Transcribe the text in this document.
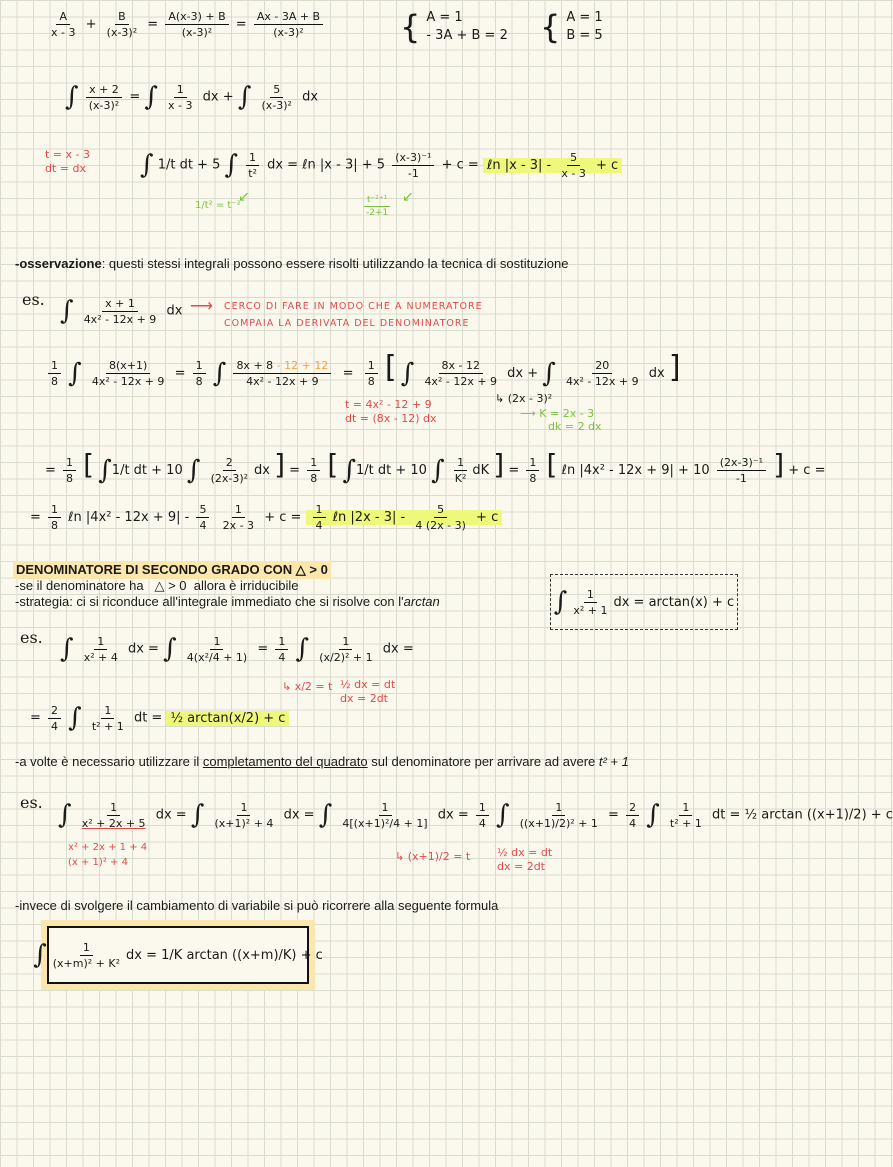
$\frac{A}{x - 3} + \frac{B}{\text{(x-3)²}} = \frac{A(x-3) + B}{\text{(x-3)²}} = \frac{Ax - 3A + B}{\text{(x-3)²}}$ { A = 1
- 3A + B = 2 { A = 1
B = 5
∫ $\frac{x + 2}{\text{(x-3)²}}$ = ∫ $\frac{1}{x - 3}$ dx + ∫ $\frac{5}{\text{(x-3)²}}$ dx
t = x - 3
dt = dx ∫ 1/t dt + 5 ∫ $\frac{1}{\text{t²}}$ dx = ℓn $|x - 3| + 5 \frac{\text{(x-3)⁻¹}}{-1} + c$ = ℓn $|x - 3| - \frac{5}{x - 3} + c$
1/t² = t⁻²	$\frac{\text{t⁻²⁺¹}}{-2+1}$
↙	↙
-osservazione: questi stessi integrali possono essere risolti utilizzando la tecnica di sostituzione
es. ∫ $\frac{x + 1}{\text{4x² - 12x + 9}}$ dx ⟶ CERCO DI FARE IN MODO CHE A NUMERATORE
COMPAIA LA DERIVATA DEL DENOMINATORE
$\frac{1}{8}$ ∫ $\frac{8(x+1)}{\text{4x² - 12x + 9}} = \frac{1}{8}$ ∫ $\frac{8x + 8 - 12 + 12}{\text{4x² - 12x + 9}} = \frac{1}{8}$ [ ∫ $\frac{8x - 12}{\text{4x² - 12x + 9}}$ dx + ∫ $\frac{20}{\text{4x² - 12x + 9}}$ dx ]
t = 4x² - 12 + 9
dt = (8x - 12) dx
↳ (2x - 3)²
⟶ K = 2x - 3
dk = 2 dx
= $\frac{1}{8}$ [ ∫1/t dt + 10 ∫ $\frac{2}{\text{(2x-3)²}}$ dx ] = $\frac{1}{8}$ [ ∫1/t dt + 10 ∫ $\frac{1}{\text{K²}}$ dK ] = $\frac{1}{8}$ [ ℓn $|4x^2 - 12x + 9| + 10 \frac{\text{(2x-3)⁻¹}}{-1}$ ] + c =
= $\frac{1}{8}$ ℓn $|4x^2 - 12x + 9| - \frac{5}{4}$
$\frac{1}{2x - 3} + c = \frac{1}{4}$ ℓn $|2x - 3| - \frac{5}{4 (2x - 3)} + c$
DENOMINATORE DI SECONDO GRADO CON △ > 0
-se il denominatore ha △ > 0 allora è irriducibile
-strategia: ci si riconduce all'integrale immediato che si risolve con l'arctan	∫ $\frac{1}{\text{x² + 1}}$ dx = arctan(x) + c
es. ∫ $\frac{1}{\text{x² + 4}}$ dx = ∫ $\frac{1}{\text{4(x²/4 + 1)}} = \frac{1}{4}$ ∫ $\frac{1}{\text{(x/2)² + 1}}$ dx =
↳ x/2 = t ½ dx = dt
dx = 2dt
= $\frac{2}{4}$ ∫ $\frac{1}{\text{t² + 1}}$ dt = ½ arctan(x/2) + c
-a volte è necessario utilizzare il completamento del quadrato sul denominatore per arrivare ad avere t² + 1
es. ∫ $\frac{1}{\text{x² + 2x + 5}}$ dx = ∫ $\frac{1}{\text{(x+1)² + 4}}$ dx = ∫ $\frac{1}{\text{4[(x+1)²/4 + 1]}}$ dx = $\frac{1}{4}$ ∫ $\frac{1}{\text{((x+1)/2)² + 1}} = \frac{2}{4}$ ∫ $\frac{1}{\text{t² + 1}}$ dt = ½ arctan ((x+1)/2) + c
x² + 2x + 1 + 4
(x + 1)² + 4	↳ (x+1)/2 = t ½ dx = dt
dx = 2dt
-invece di svolgere il cambiamento di variabile si può ricorrere alla seguente formula
∫ $\frac{1}{\text{(x+m)² + K²}}$ dx = 1/K arctan ((x+m)/K) + c
